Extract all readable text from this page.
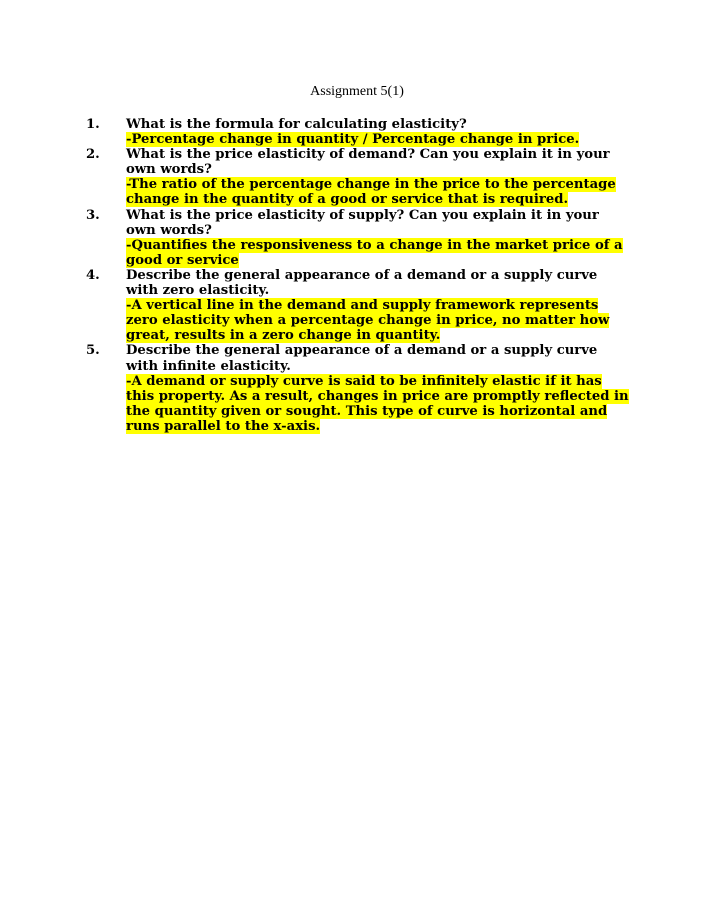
Assignment 5(1)
1. What is the formula for calculating elasticity?
-Percentage change in quantity / Percentage change in price.
2. What is the price elasticity of demand? Can you explain it in your own words?
-The ratio of the percentage change in the price to the percentage change in the quantity of a good or service that is required.
3. What is the price elasticity of supply? Can you explain it in your own words?
-Quantifies the responsiveness to a change in the market price of a good or service
4. Describe the general appearance of a demand or a supply curve with zero elasticity.
-A vertical line in the demand and supply framework represents zero elasticity when a percentage change in price, no matter how great, results in a zero change in quantity.
5. Describe the general appearance of a demand or a supply curve with infinite elasticity.
-A demand or supply curve is said to be infinitely elastic if it has this property. As a result, changes in price are promptly reflected in the quantity given or sought. This type of curve is horizontal and runs parallel to the x-axis.
